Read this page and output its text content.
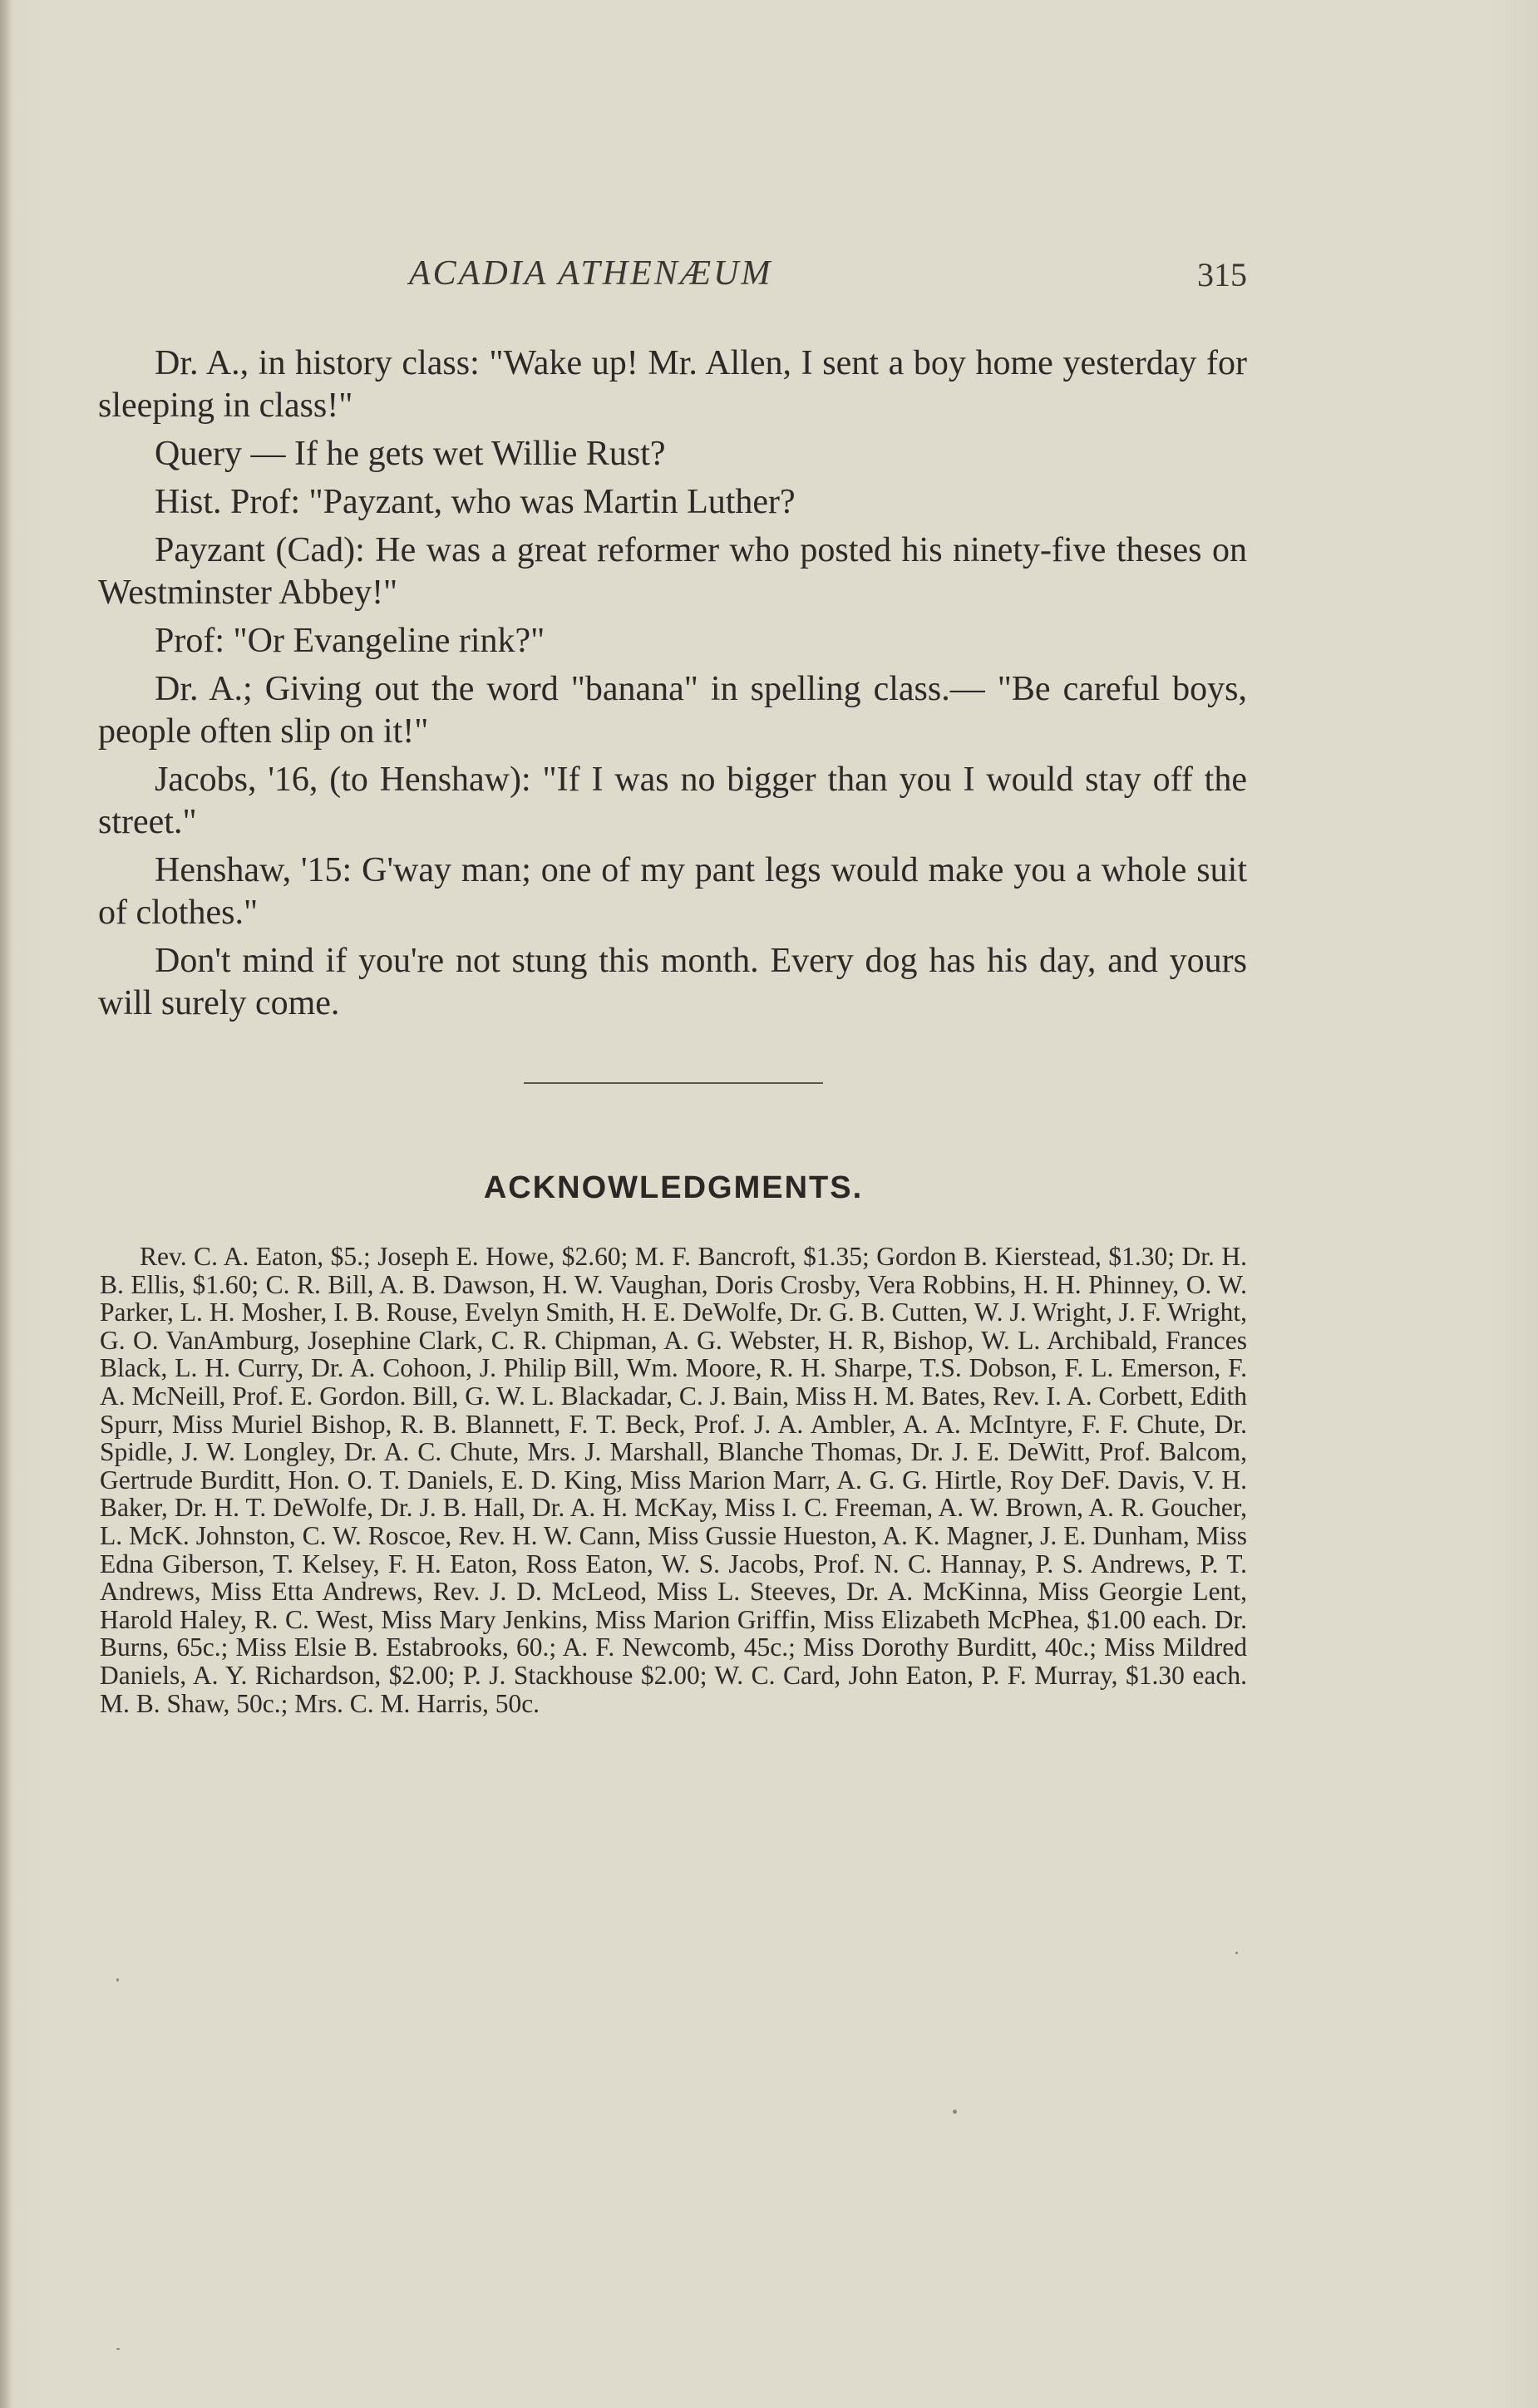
ACADIA ATHENÆUM	315

Dr. A., in history class: "Wake up! Mr. Allen, I sent a boy home yesterday for sleeping in class!"

Query — If he gets wet Willie Rust?

Hist. Prof: "Payzant, who was Martin Luther?

Payzant (Cad): He was a great reformer who posted his ninety-five theses on Westminster Abbey!"

Prof: "Or Evangeline rink?"

Dr. A.; Giving out the word "banana" in spelling class.— "Be careful boys, people often slip on it!"

Jacobs, '16, (to Henshaw): "If I was no bigger than you I would stay off the street."

Henshaw, '15: G'way man; one of my pant legs would make you a whole suit of clothes."

Don't mind if you're not stung this month. Every dog has his day, and yours will surely come.

ACKNOWLEDGMENTS.
Rev. C. A. Eaton, $5.; Joseph E. Howe, $2.60; M. F. Bancroft, $1.35; Gordon B. Kierstead, $1.30; Dr. H. B. Ellis, $1.60; C. R. Bill, A. B. Dawson, H. W. Vaughan, Doris Crosby, Vera Robbins, H. H. Phinney, O. W. Parker, L. H. Mosher, I. B. Rouse, Evelyn Smith, H. E. DeWolfe, Dr. G. B. Cutten, W. J. Wright, J. F. Wright, G. O. VanAmburg, Josephine Clark, C. R. Chipman, A. G. Webster, H. R, Bishop, W. L. Archibald, Frances Black, L. H. Curry, Dr. A. Cohoon, J. Philip Bill, Wm. Moore, R. H. Sharpe, T.S. Dobson, F. L. Emerson, F. A. McNeill, Prof. E. Gordon. Bill, G. W. L. Blackadar, C. J. Bain, Miss H. M. Bates, Rev. I. A. Corbett, Edith Spurr, Miss Muriel Bishop, R. B. Blannett, F. T. Beck, Prof. J. A. Ambler, A. A. McIntyre, F. F. Chute, Dr. Spidle, J. W. Longley, Dr. A. C. Chute, Mrs. J. Marshall, Blanche Thomas, Dr. J. E. DeWitt, Prof. Balcom, Gertrude Burditt, Hon. O. T. Daniels, E. D. King, Miss Marion Marr, A. G. G. Hirtle, Roy DeF. Davis, V. H. Baker, Dr. H. T. DeWolfe, Dr. J. B. Hall, Dr. A. H. McKay, Miss I. C. Freeman, A. W. Brown, A. R. Goucher, L. McK. Johnston, C. W. Roscoe, Rev. H. W. Cann, Miss Gussie Hueston, A. K. Magner, J. E. Dunham, Miss Edna Giberson, T. Kelsey, F. H. Eaton, Ross Eaton, W. S. Jacobs, Prof. N. C. Hannay, P. S. Andrews, P. T. Andrews, Miss Etta Andrews, Rev. J. D. McLeod, Miss L. Steeves, Dr. A. McKinna, Miss Georgie Lent, Harold Haley, R. C. West, Miss Mary Jenkins, Miss Marion Griffin, Miss Elizabeth McPhea, $1.00 each. Dr. Burns, 65c.; Miss Elsie B. Estabrooks, 60.; A. F. Newcomb, 45c.; Miss Dorothy Burditt, 40c.; Miss Mildred Daniels, A. Y. Richardson, $2.00; P. J. Stackhouse $2.00; W. C. Card, John Eaton, P. F. Murray, $1.30 each. M. B. Shaw, 50c.; Mrs. C. M. Harris, 50c.
